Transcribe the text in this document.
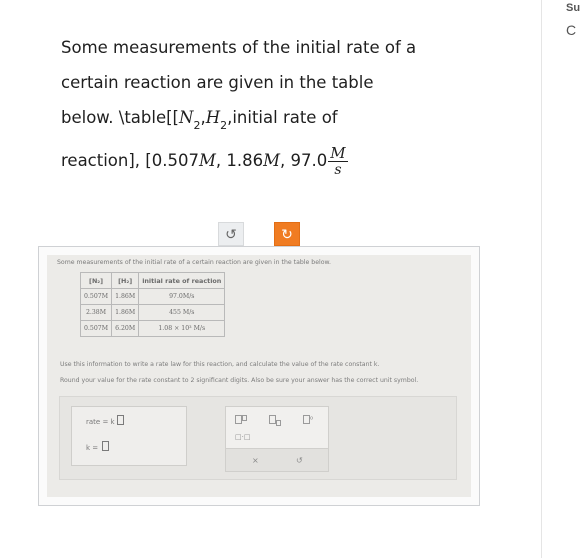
Some measurements of the initial rate of a
certain reaction are given in the table
below. $\backslash table[[N_2,H_2,initial$ rate of
reaction], [0.507M, 1.86M, $97.0 \frac{M}{s}$
↺	↻
Some measurements of the initial rate of a certain reaction are given in the table below.
[N₂]	[H₂]	initial rate of reaction
0.507M	1.86M	97.0M/s
2.38M	1.86M	455 M/s
0.507M	6.20M	1.08 × 10³ M/s
Use this information to write a rate law for this reaction, and calculate the value of the rate constant k.
Round your value for the rate constant to 2 significant digits. Also be sure your answer has the correct unit symbol.
rate = k
k =
$^o$
□·□
×	↺
Su
C
